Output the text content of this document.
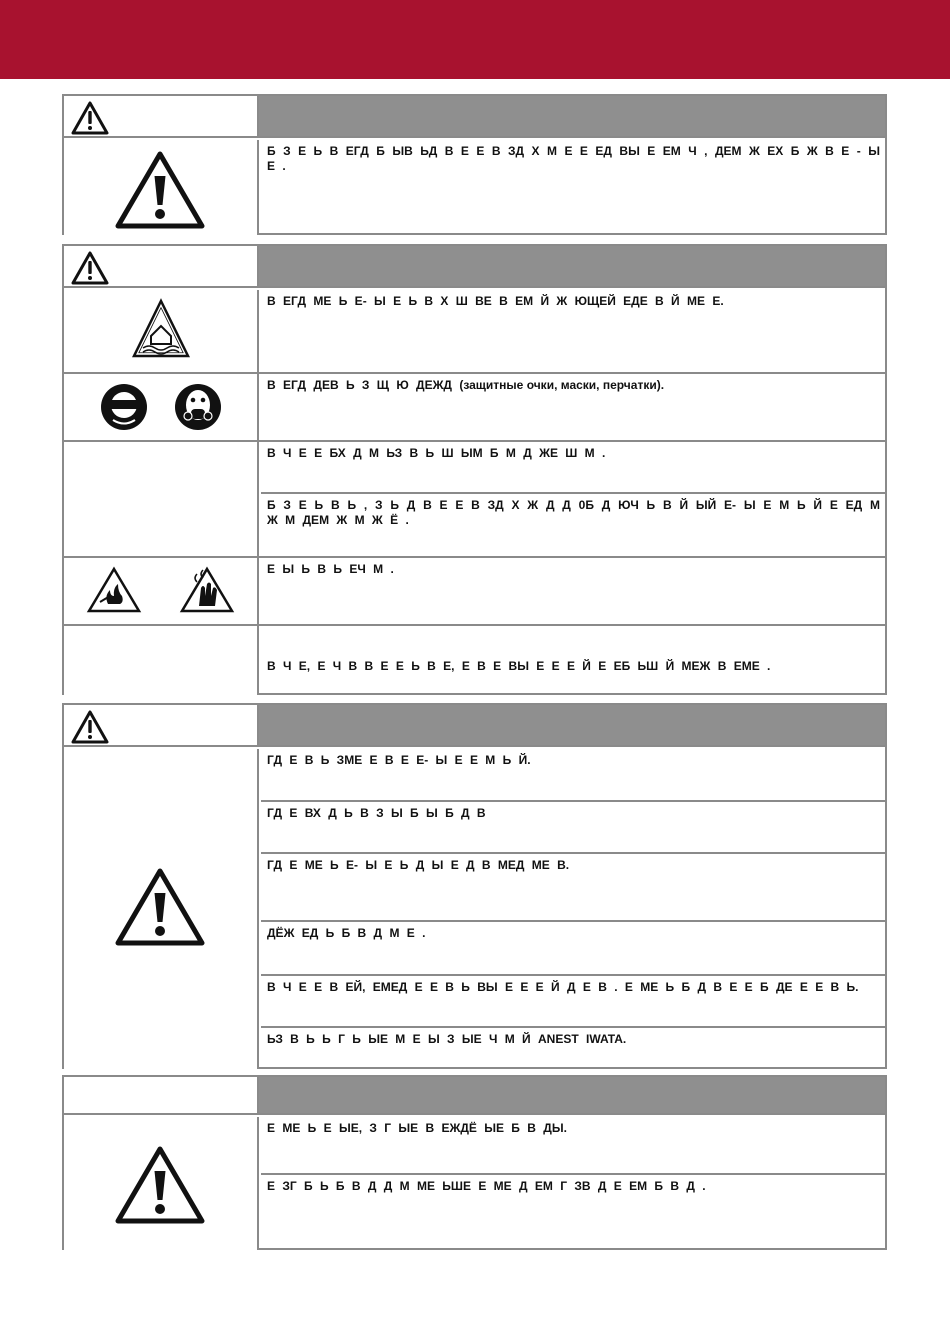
Б З Е Ь В ЕГД Б ЫВ ЬД В Е Е В ЗД Х М Е Е ЕД ВЫ Е ЕМ Ч , ДЕМ Ж ЕХ Б Ж В Е - Ы Е .
В ЕГД МЕ Ь Е- Ы Е Ь В Х Ш ВЕ В ЕМ Й Ж ЮЩЕЙ ЕДЕ В Й МЕ Е.
В ЕГД ДЕВ Ь З Щ Ю ДЕЖД (защитные очки, маски, перчатки).
В Ч Е Е БХ Д М ЬЗ В Ь Ш ЫМ Б М Д ЖЕ Ш М .
Б З Е Ь В Ь , З Ь Д В Е Е В ЗД Х Ж Д Д 0Б Д ЮЧ Ь В Й ЫЙ Е- Ы Е М Ь Й Е ЕД М Ж М ДЕМ Ж М Ж Ё .
Е Ы Ь В Ь ЕЧ М .
В Ч Е, Е Ч В В Е Е Ь В Е, Е В Е ВЫ Е Е Е Й Е ЕБ ЬШ Й МЕЖ В ЕМЕ .
ГД Е В Ь ЗМЕ Е В Е Е- Ы Е Е М Ь Й.
ГД Е ВХ Д Ь В З Ы Б Ы Б Д В
ГД Е МЕ Ь Е- Ы Е Ь Д Ы Е Д В МЕД МЕ В.
ДЁЖ ЕД Ь Б В Д М Е .
В Ч Е Е В ЕЙ, ЕМЕД Е Е В Ь ВЫ Е Е Е Й Д Е В . Е МЕ Ь Б Д В Е Е Б ДЕ Е Е В Ь.
ЬЗ В Ь Ь Г Ь ЫЕ М Е Ы З ЫЕ Ч М Й ANEST IWATA.
Е МЕ Ь Е ЫЕ, З Г ЫЕ В ЕЖДЁ ЫЕ Б В ДЫ.
Е ЗГ Б Ь Б В Д Д М МЕ ЬШЕ Е МЕ Д ЕМ Г ЗВ Д Е ЕМ Б В Д .
